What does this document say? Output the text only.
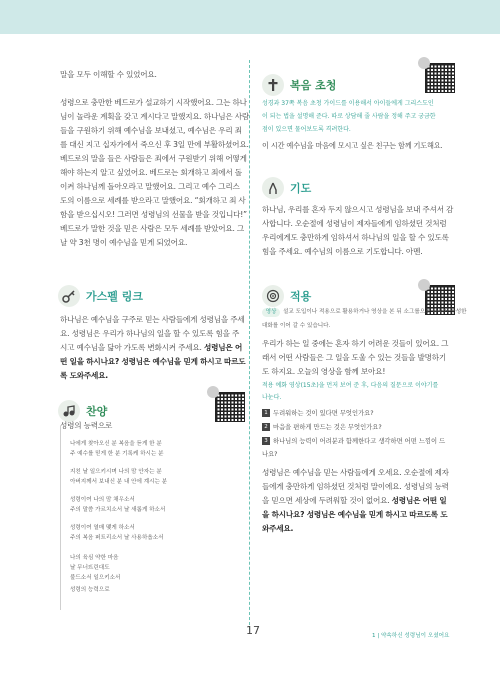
말을 모두 이해할 수 있었어요.
성령으로 충만한 베드로가 설교하기 시작했어요. 그는 하나
님이 놀라운 계획을 갖고 계시다고 말했지요. 하나님은 사람
들을 구원하기 위해 예수님을 보내셨고, 예수님은 우리 죄
를 대신 지고 십자가에서 죽으신 후 3일 만에 부활하셨어요.
베드로의 말을 들은 사람들은 죄에서 구원받기 위해 어떻게
해야 하는지 알고 싶었어요. 베드로는 회개하고 죄에서 돌
이켜 하나님께 돌아오라고 말했어요. 그리고 예수 그리스
도의 이름으로 세례를 받으라고 말했어요. “회개하고 죄 사
함을 받으십시오! 그러면 성령님의 선물을 받을 것입니다!”
베드로가 말한 것을 믿은 사람은 모두 세례를 받았어요. 그
날 약 3천 명이 예수님을 믿게 되었어요.
가스펠 링크
하나님은 예수님을 구주로 믿는 사람들에게 성령님을 주세
요. 성령님은 우리가 하나님의 일을 할 수 있도록 힘을 주
시고 예수님을 닮아 가도록 변화시켜 주세요. 성령님은 어
떤 일을 하시나요? 성령님은 예수님을 믿게 하시고 따르도
록 도와주세요.
찬양
성령의 능력으로
나에게 찾아오신 분 복음을 듣게 한 분
주 예수를 믿게 한 분 기록케 하시는 분
지친 날 일으키시며 나의 맘 안자는 분
아버지께서 보내신 분 내 안에 계시는 분
성령이여 나의 맘 채우소서
주의 말씀 가르치소서 날 새롭게 하소서
성령이여 열매 맺게 하소서
주의 복음 퍼트리소서 날 사용하옵소서
나의 육심 약한 마음
날 무너뜨린대도
불드소서 일으키소서
성령의 능력으로
복음 초청
성경과 37쪽 복음 초청 가이드를 이용해서 아이들에게 그리스도인
이 되는 법을 설명해 준다. 따로 상담해 줄 사람을 정해 주고 궁금한
점이 있으면 물어보도록 격려한다.
이 시간 예수님을 마음에 모시고 싶은 친구는 함께 기도해요.
기도
하나님, 우리를 혼자 두지 않으시고 성령님을 보내 주셔서 감
사합니다. 오순절에 성령님이 제자들에게 임하셨던 것처럼
우리에게도 충만하게 임하셔서 하나님의 일을 할 수 있도록
힘을 주세요. 예수님의 이름으로 기도합니다. 아멘.
적용
영상	설교 도입이나 적용으로 활용하거나 영상을 본 뒤 소그룹으로 나누어 풍성한
대화를 이어 갈 수 있습니다.
우리가 하는 일 중에는 혼자 하기 어려운 것들이 있어요. 그
래서 어떤 사람들은 그 일을 도울 수 있는 것들을 발명하기
도 하지요. 오늘의 영상을 함께 보아요!
적용 예화 영상(15초)을 먼저 보여 준 후, 다음의 질문으로 이야기를
나눈다.
1 두려워하는 것이 있다면 무엇인가요?
2 마음을 편하게 만드는 것은 무엇인가요?
3 하나님의 능력이 어려분과 함께한다고 생각하면 어떤 느낌이 드
나요?
성령님은 예수님을 믿는 사람들에게 오세요. 오순절에 제자
들에게 충만하게 임하셨던 것처럼 말이에요. 성령님의 능력
을 믿으면 세상에 두려워할 것이 없어요. 성령님은 어떤 일
을 하시나요? 성령님은 예수님을 믿게 하시고 따르도록 도
와주세요.
17	1 | 약속하신 성령님이 오셨어요
